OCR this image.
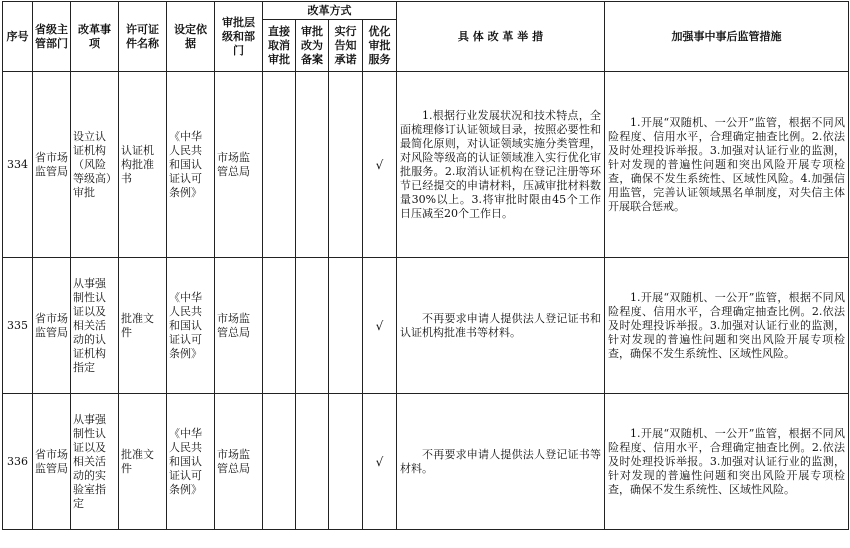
序号	省级主管部门	改革事项	许可证件名称	设定依据	审批层级和部门	改革方式				具 体 改 革 举 措	加强事中事后监管措施
						直接取消审批	审批改为备案	实行告知承诺	优化审批服务		
334	省市场监管局	设立认证机构（风险等级高）审批	认证机构批准书	《中华人民共和国认证认可条例》	市场监管总局				√	1.根据行业发展状况和技术特点，全面梳理修订认证领域目录，按照必要性和最简化原则，对认证领域实施分类管理，对风险等级高的认证领域准入实行优化审批服务。2.取消认证机构在登记注册等环节已经提交的申请材料，压减审批材料数量30%以上。3.将审批时限由45个工作日压减至20个工作日。	1.开展“双随机、一公开”监管，根据不同风险程度、信用水平，合理确定抽查比例。2.依法及时处理投诉举报。3.加强对认证行业的监测，针对发现的普遍性问题和突出风险开展专项检查，确保不发生系统性、区域性风险。4.加强信用监管，完善认证领域黑名单制度，对失信主体开展联合惩戒。

335	省市场监管局	从事强制性认证以及相关活动的认证机构指定	批准文件	《中华人民共和国认证认可条例》	市场监管总局				√	不再要求申请人提供法人登记证书和认证机构批准书等材料。	1.开展“双随机、一公开”监管，根据不同风险程度、信用水平，合理确定抽查比例。2.依法及时处理投诉举报。3.加强对认证行业的监测，针对发现的普遍性问题和突出风险开展专项检查，确保不发生系统性、区域性风险。

336	省市场监管局	从事强制性认证以及相关活动的实验室指定	批准文件	《中华人民共和国认证认可条例》	市场监管总局				√	不再要求申请人提供法人登记证书等材料。	1.开展“双随机、一公开”监管，根据不同风险程度、信用水平，合理确定抽查比例。2.依法及时处理投诉举报。3.加强对认证行业的监测，针对发现的普遍性问题和突出风险开展专项检查，确保不发生系统性、区域性风险。
